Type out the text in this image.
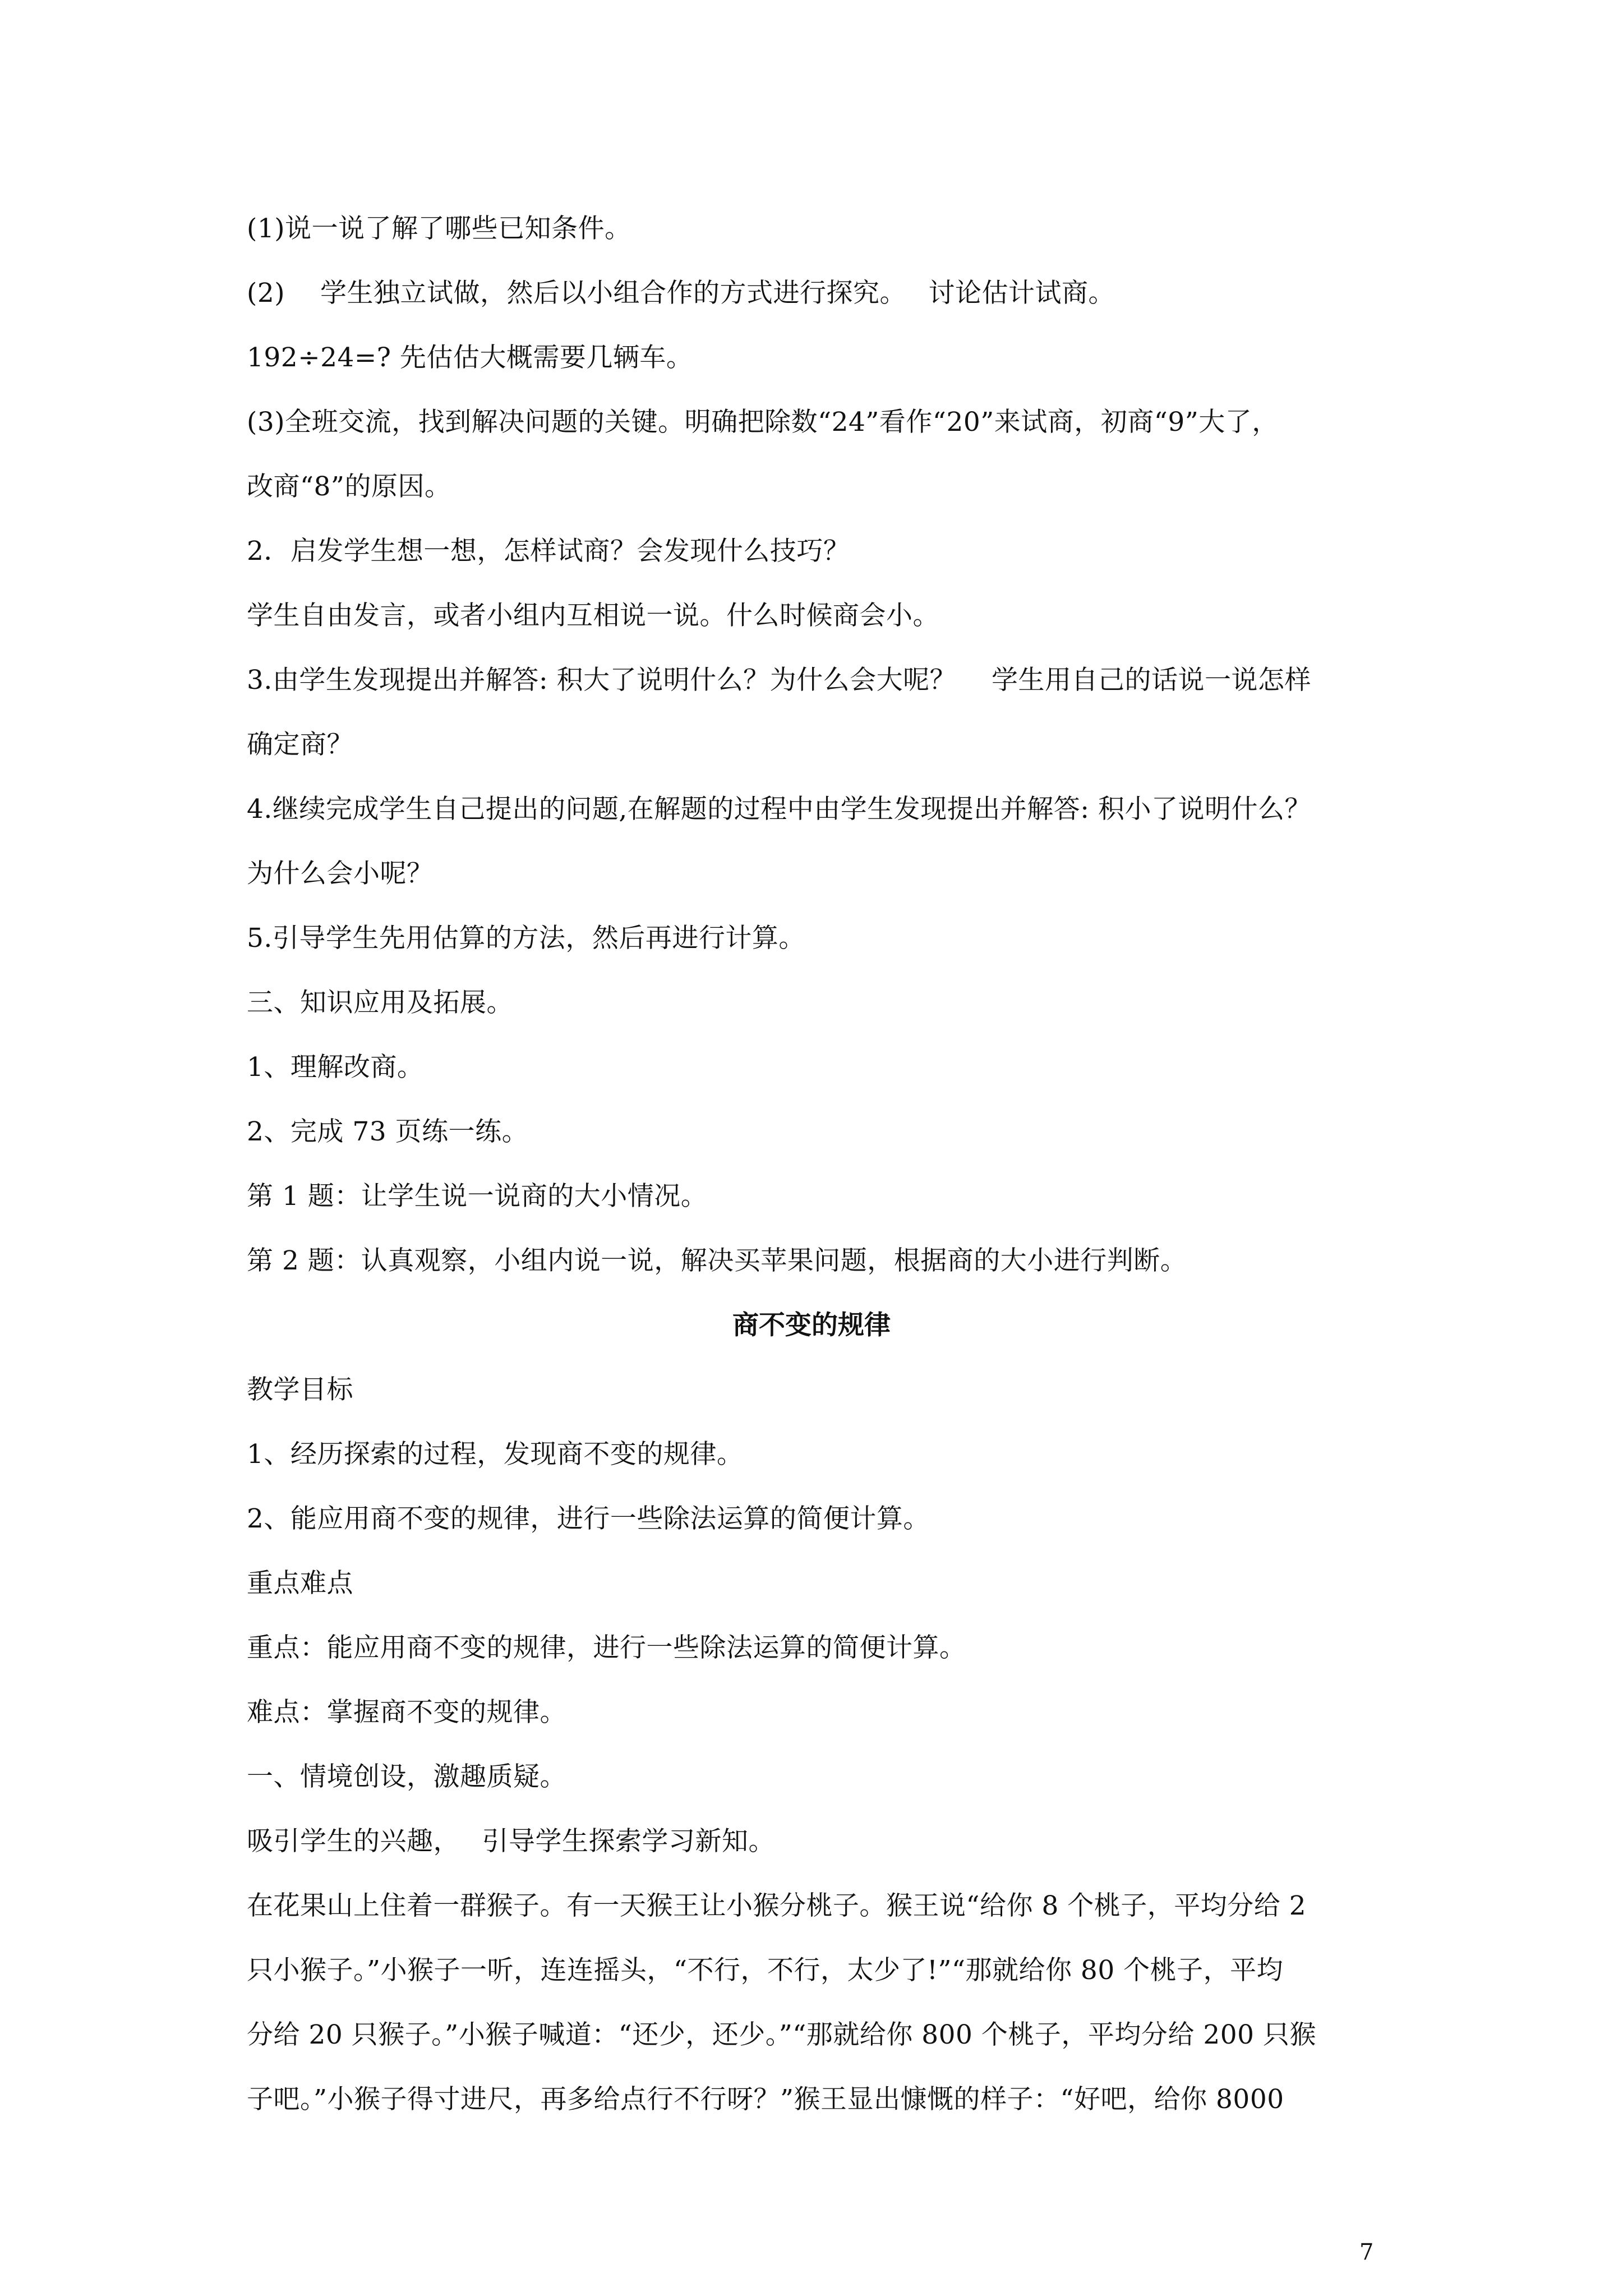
(1)说一说了解了哪些已知条件。
(2)　 学生独立试做，然后以小组合作的方式进行探究。　 讨论估计试商。
192÷24=? 先估估大概需要几辆车。
(3)全班交流，找到解决问题的关键。明确把除数“24”看作“20”来试商，初商“9”大了，
改商“8”的原因。
2．启发学生想一想，怎样试商？会发现什么技巧？
学生自由发言，或者小组内互相说一说。什么时候商会小。
3.由学生发现提出并解答: 积大了说明什么？为什么会大呢？　 学生用自己的话说一说怎样
确定商？
4.继续完成学生自己提出的问题,在解题的过程中由学生发现提出并解答: 积小了说明什么？
为什么会小呢？
5.引导学生先用估算的方法，然后再进行计算。
三、知识应用及拓展。
1、理解改商。
2、完成 73 页练一练。
第 1 题：让学生说一说商的大小情况。
第 2 题：认真观察，小组内说一说，解决买苹果问题，根据商的大小进行判断。
商不变的规律
教学目标
1、经历探索的过程，发现商不变的规律。
2、能应用商不变的规律，进行一些除法运算的简便计算。
重点难点
重点：能应用商不变的规律，进行一些除法运算的简便计算。
难点：掌握商不变的规律。
一、情境创设，激趣质疑。
吸引学生的兴趣，　 引导学生探索学习新知。
在花果山上住着一群猴子。有一天猴王让小猴分桃子。猴王说“给你 8 个桃子，平均分给 2
只小猴子。”小猴子一听，连连摇头，“不行，不行，太少了!”“那就给你 80 个桃子，平均
分给 20 只猴子。”小猴子喊道：“还少，还少。”“那就给你 800 个桃子，平均分给 200 只猴
子吧。”小猴子得寸进尺，再多给点行不行呀？”猴王显出慷慨的样子：“好吧，给你 8000
7
